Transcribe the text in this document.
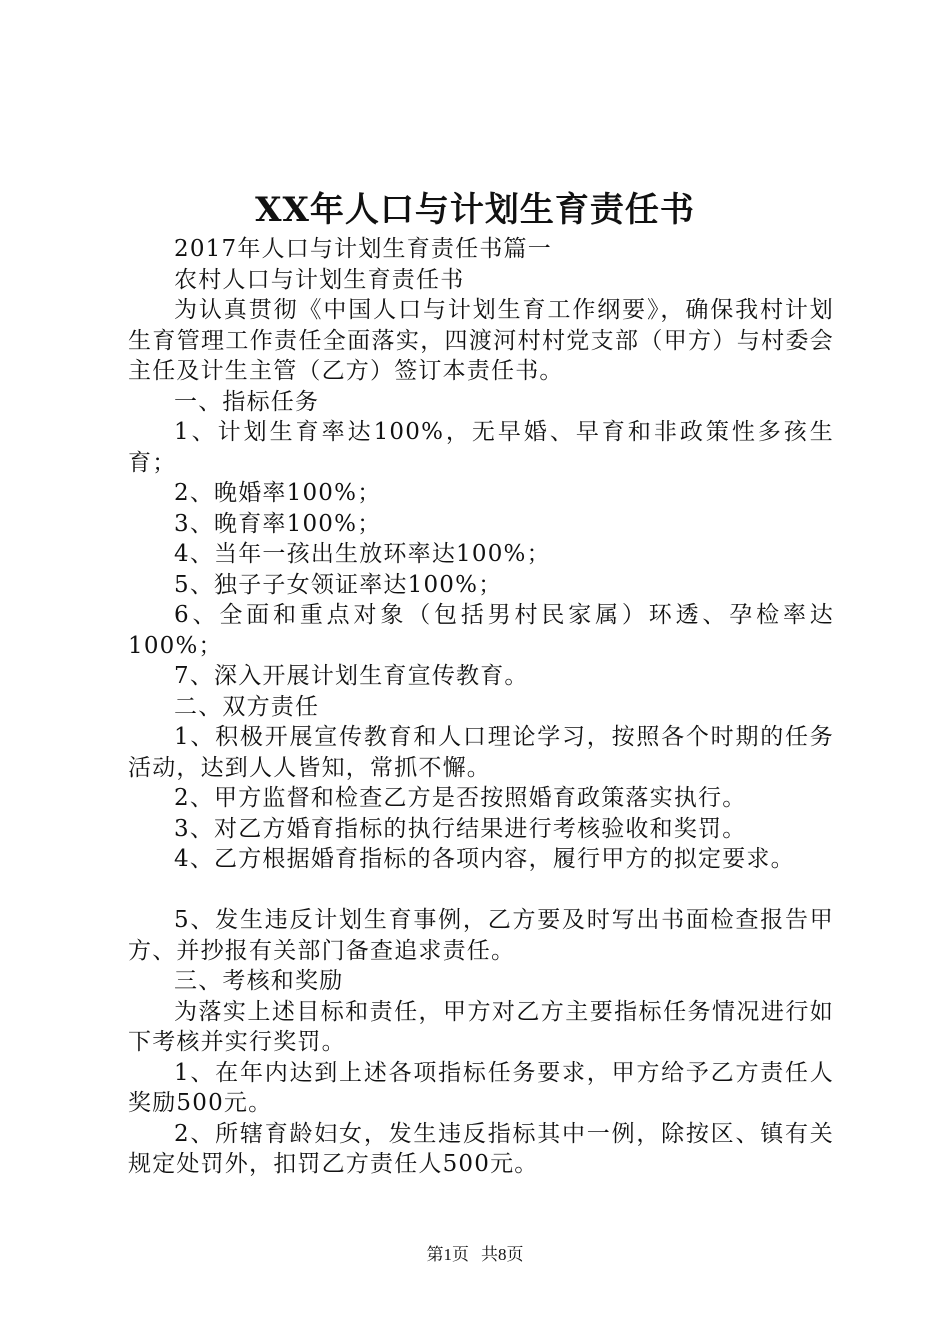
XX年人口与计划生育责任书

2017年人口与计划生育责任书篇一

农村人口与计划生育责任书

为认真贯彻《中国人口与计划生育工作纲要》，确保我村计划生育管理工作责任全面落实，四渡河村村党支部（甲方）与村委会主任及计生主管（乙方）签订本责任书。

一、指标任务

1、计划生育率达100%，无早婚、早育和非政策性多孩生育；

2、晚婚率100%；

3、晚育率100%；

4、当年一孩出生放环率达100%；

5、独子子女领证率达100%；

6、全面和重点对象（包括男村民家属）环透、孕检率达100%；

7、深入开展计划生育宣传教育。

二、双方责任

1、积极开展宣传教育和人口理论学习，按照各个时期的任务活动，达到人人皆知，常抓不懈。

2、甲方监督和检查乙方是否按照婚育政策落实执行。

3、对乙方婚育指标的执行结果进行考核验收和奖罚。

4、乙方根据婚育指标的各项内容，履行甲方的拟定要求。

5、发生违反计划生育事例，乙方要及时写出书面检查报告甲方、并抄报有关部门备查追求责任。

三、考核和奖励

为落实上述目标和责任，甲方对乙方主要指标任务情况进行如下考核并实行奖罚。

1、在年内达到上述各项指标任务要求，甲方给予乙方责任人奖励500元。

2、所辖育龄妇女，发生违反指标其中一例，除按区、镇有关规定处罚外，扣罚乙方责任人500元。

第1页 共8页
